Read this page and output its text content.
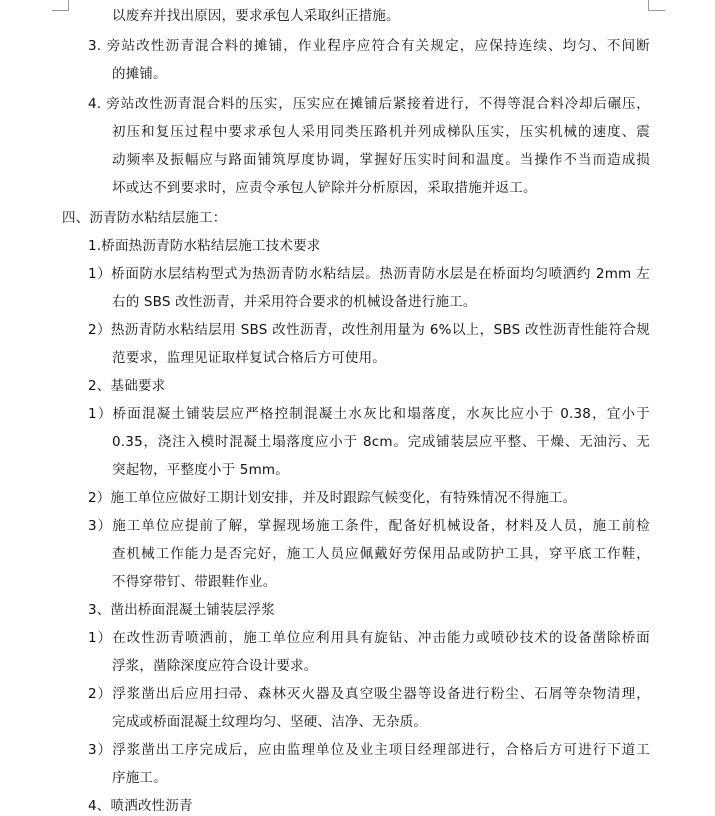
以废弃并找出原因，要求承包人采取纠正措施。
3. 旁站改性沥青混合料的摊铺，作业程序应符合有关规定，应保持连续、均匀、不间断
的摊铺。
4. 旁站改性沥青混合料的压实，压实应在摊铺后紧接着进行，不得等混合料冷却后碾压，
初压和复压过程中要求承包人采用同类压路机并列成梯队压实，压实机械的速度、震
动频率及振幅应与路面铺筑厚度协调，掌握好压实时间和温度。当操作不当而造成损
坏或达不到要求时，应责令承包人铲除并分析原因，采取措施并返工。
四、沥青防水粘结层施工：
1.桥面热沥青防水粘结层施工技术要求
1）桥面防水层结构型式为热沥青防水粘结层。热沥青防水层是在桥面均匀喷洒约 2mm 左
右的 SBS 改性沥青，并采用符合要求的机械设备进行施工。
2）热沥青防水粘结层用 SBS 改性沥青，改性剂用量为 6%以上，SBS 改性沥青性能符合规
范要求，监理见证取样复试合格后方可使用。
2、基础要求
1）桥面混凝土铺装层应严格控制混凝土水灰比和塌落度，水灰比应小于 0.38，宜小于
0.35，浇注入模时混凝土塌落度应小于 8cm。完成铺装层应平整、干燥、无油污、无
突起物，平整度小于 5mm。
2）施工单位应做好工期计划安排，并及时跟踪气候变化，有特殊情况不得施工。
3）施工单位应提前了解，掌握现场施工条件，配备好机械设备，材料及人员，施工前检
查机械工作能力是否完好，施工人员应佩戴好劳保用品或防护工具，穿平底工作鞋，
不得穿带钉、带跟鞋作业。
3、凿出桥面混凝土铺装层浮浆
1）在改性沥青喷洒前，施工单位应利用具有旋钻、冲击能力或喷砂技术的设备凿除桥面
浮浆，凿除深度应符合设计要求。
2）浮浆凿出后应用扫帚、森林灭火器及真空吸尘器等设备进行粉尘、石屑等杂物清理，
完成或桥面混凝土纹理均匀、坚硬、洁净、无杂质。
3）浮浆凿出工序完成后，应由监理单位及业主项目经理部进行，合格后方可进行下道工
序施工。
4、喷洒改性沥青
